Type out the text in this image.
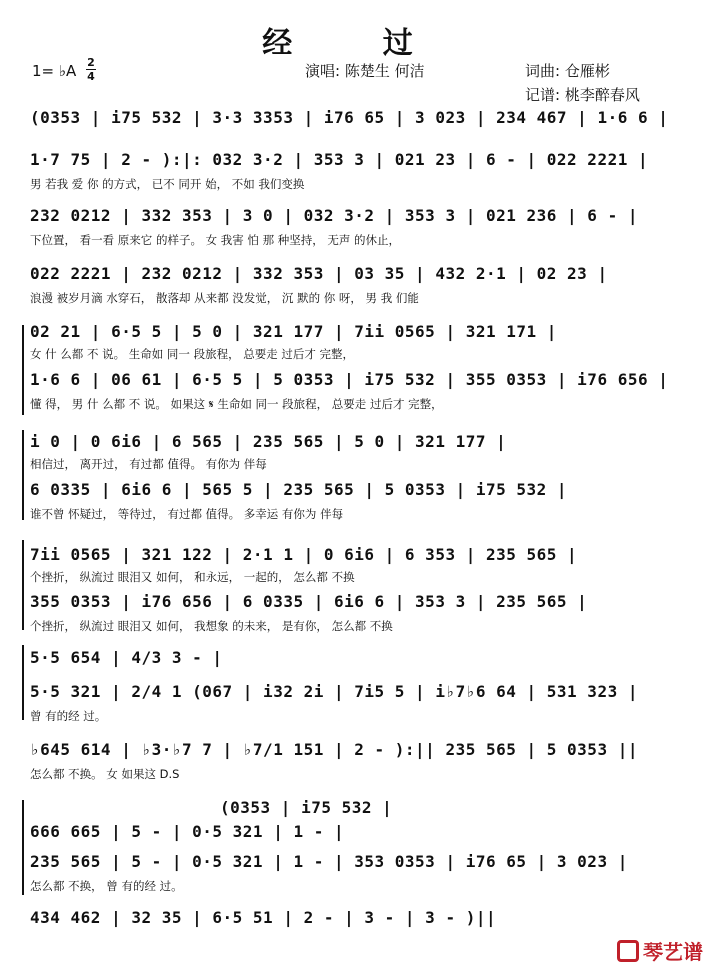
经 过
1= ♭A 2
4	演唱: 陈楚生 何洁	词曲: 仓雁彬
记谱: 桃李醉春风
(0353 | i75 532 | 3·3 3353 | i76 65 | 3 023 | 234 467 | 1·6 6 |
1·7 75 | 2 - ):|: 032 3·2 | 353 3 | 021 23 | 6 - | 022 2221 |
男 若我 爱 你 的方式， 已不 同开 始， 不如 我们变换
232 0212 | 332 353 | 3 0 | 032 3·2 | 353 3 | 021 236 | 6 - |
下位置， 看一看 原来它 的样子。 女 我害 怕 那 种坚持， 无声 的休止，
022 2221 | 232 0212 | 332 353 | 03 35 | 432 2·1 | 02 23 |
浪漫 被岁月滴 水穿石， 散落却 从来都 没发觉， 沉 默的 你 呀， 男 我 们能
02 21 | 6·5 5 | 5 0 | 321 177 | 7ii 0565 | 321 171 |
女 什 么都 不 说。 生命如 同一 段旅程， 总要走 过后才 完整，
1·6 6 | 06 61 | 6·5 5 | 5 0353 | i75 532 | 355 0353 | i76 656 |
懂 得， 男 什 么都 不 说。 如果这 𝄋 生命如 同一 段旅程， 总要走 过后才 完整，
i 0 | 0 6i6 | 6 565 | 235 565 | 5 0 | 321 177 |
相信过， 离开过， 有过都 值得。 有你为 伴每
6 0335 | 6i6 6 | 565 5 | 235 565 | 5 0353 | i75 532 |
谁不曾 怀疑过， 等待过， 有过都 值得。 多幸运 有你为 伴每
7ii 0565 | 321 122 | 2·1 1 | 0 6i6 | 6 353 | 235 565 |
个挫折， 纵流过 眼泪又 如何， 和永远， 一起的， 怎么都 不换
355 0353 | i76 656 | 6 0335 | 6i6 6 | 353 3 | 235 565 |
个挫折， 纵流过 眼泪又 如何， 我想象 的未来， 是有你， 怎么都 不换
5·5 654 | 4/3 3 - |
5·5 321 | 2/4 1 (067 | i32 2i | 7i5 5 | i♭7♭6 64 | 531 323 |
曾 有的经 过。
♭645 614 | ♭3·♭7 7 | ♭7/1 151 | 2 - ):|| 235 565 | 5 0353 ||
怎么都 不换。 女 如果这 D.S
(0353 | i75 532 |
666 665 | 5 - | 0·5 321 | 1 - |
235 565 | 5 - | 0·5 321 | 1 - | 353 0353 | i76 65 | 3 023 |
怎么都 不换， 曾 有的经 过。
434 462 | 32 35 | 6·5 51 | 2 - | 3 - | 3 - )||
琴艺谱
